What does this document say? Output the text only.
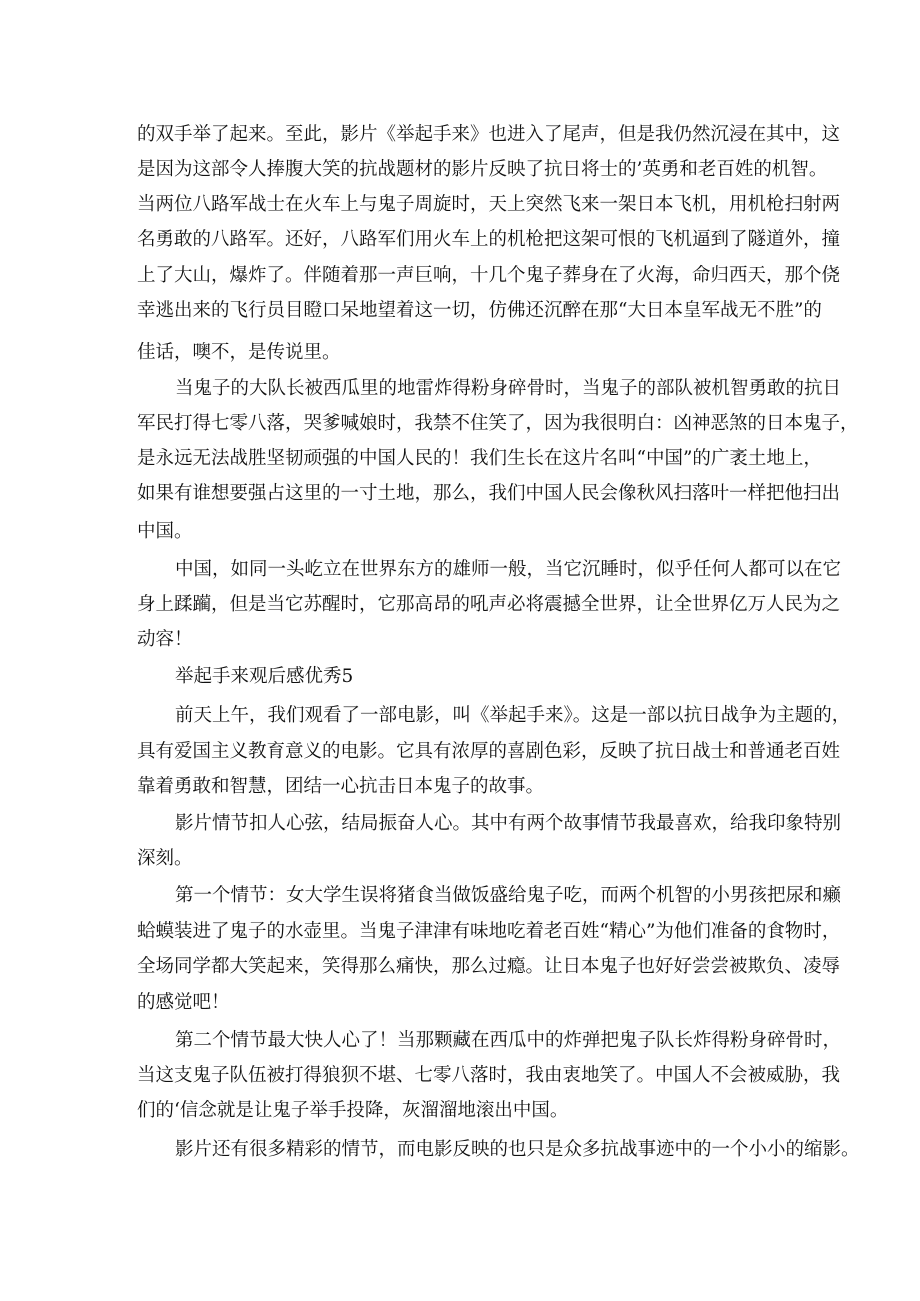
的双手举了起来。至此，影片《举起手来》也进入了尾声，但是我仍然沉浸在其中，这
是因为这部令人捧腹大笑的抗战题材的影片反映了抗日将士的’英勇和老百姓的机智。
当两位八路军战士在火车上与鬼子周旋时，天上突然飞来一架日本飞机，用机枪扫射两
名勇敢的八路军。还好，八路军们用火车上的机枪把这架可恨的飞机逼到了隧道外，撞
上了大山，爆炸了。伴随着那一声巨响，十几个鬼子葬身在了火海，命归西天，那个侥
幸逃出来的飞行员目瞪口呆地望着这一切，仿佛还沉醉在那“大日本皇军战无不胜”的
佳话，噢不，是传说里。
当鬼子的大队长被西瓜里的地雷炸得粉身碎骨时，当鬼子的部队被机智勇敢的抗日
军民打得七零八落，哭爹喊娘时，我禁不住笑了，因为我很明白：凶神恶煞的日本鬼子，
是永远无法战胜坚韧顽强的中国人民的！我们生长在这片名叫“中国”的广袤土地上，
如果有谁想要强占这里的一寸土地，那么，我们中国人民会像秋风扫落叶一样把他扫出
中国。
中国，如同一头屹立在世界东方的雄师一般，当它沉睡时，似乎任何人都可以在它
身上蹂躏，但是当它苏醒时，它那高昂的吼声必将震撼全世界，让全世界亿万人民为之
动容！
举起手来观后感优秀5
前天上午，我们观看了一部电影，叫《举起手来》。这是一部以抗日战争为主题的，
具有爱国主义教育意义的电影。它具有浓厚的喜剧色彩，反映了抗日战士和普通老百姓
靠着勇敢和智慧，团结一心抗击日本鬼子的故事。
影片情节扣人心弦，结局振奋人心。其中有两个故事情节我最喜欢，给我印象特别
深刻。
第一个情节：女大学生误将猪食当做饭盛给鬼子吃，而两个机智的小男孩把尿和癞
蛤蟆装进了鬼子的水壶里。当鬼子津津有味地吃着老百姓“精心”为他们准备的食物时，
全场同学都大笑起来，笑得那么痛快，那么过瘾。让日本鬼子也好好尝尝被欺负、凌辱
的感觉吧！
第二个情节最大快人心了！当那颗藏在西瓜中的炸弹把鬼子队长炸得粉身碎骨时，
当这支鬼子队伍被打得狼狈不堪、七零八落时，我由衷地笑了。中国人不会被威胁，我
们的‘信念就是让鬼子举手投降，灰溜溜地滚出中国。
影片还有很多精彩的情节，而电影反映的也只是众多抗战事迹中的一个小小的缩影。
